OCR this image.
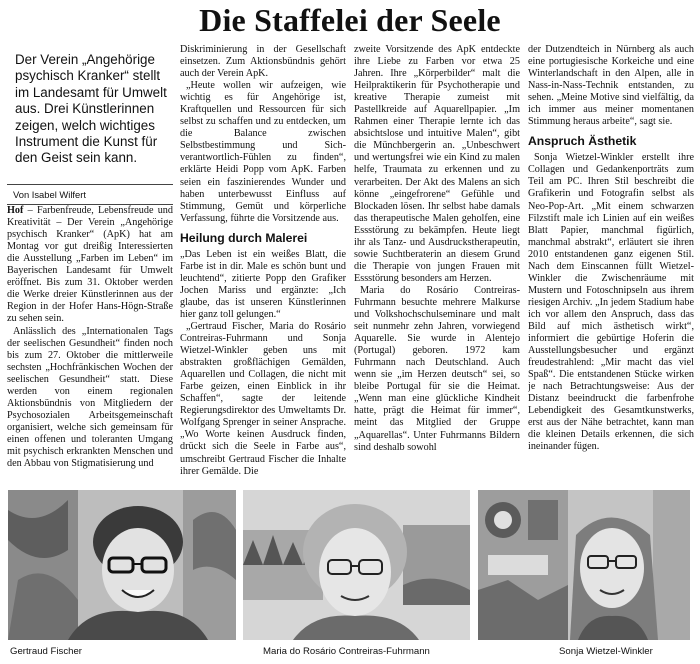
Die Staffelei der Seele

Der Verein „Angehörige psychisch Kranker“ stellt im Landesamt für Umwelt aus. Drei Künstlerinnen zeigen, welch wichtiges Instrument die Kunst für den Geist sein kann.

Von Isabel Wilfert

Hof – Farbenfreude, Lebensfreude und Kreativität – Der Verein „Angehörige psychisch Kranker“ (ApK) hat am Montag vor gut dreißig Interessierten die Ausstellung „Farben im Leben“ im Bayerischen Landesamt für Umwelt eröffnet. Bis zum 31. Oktober werden die Werke dreier Künstlerinnen aus der Region in der Hofer Hans-Högn-Straße zu sehen sein.

Anlässlich des „Internationalen Tags der seelischen Gesundheit“ finden noch bis zum 27. Oktober die mittlerweile sechsten „Hochfränkischen Wochen der seelischen Gesundheit“ statt. Diese werden von einem regionalen Aktionsbündnis von Mitgliedern der Psychosozialen Arbeitsgemeinschaft organisiert, welche sich gemeinsam für einen offenen und toleranten Umgang mit psychisch erkrankten Menschen und den Abbau von Stigmatisierung und

Diskriminierung in der Gesellschaft einsetzen. Zum Aktionsbündnis gehört auch der Verein ApK.

„Heute wollen wir aufzeigen, wie wichtig es für Angehörige ist, Kraftquellen und Ressourcen für sich selbst zu schaffen und zu entdecken, um die Balance zwischen Selbstbestimmung und Sich-verantwortlich-Fühlen zu finden“, erklärte Heidi Popp vom ApK. Farben seien ein faszinierendes Wunder und haben unterbewusst Einfluss auf Stimmung, Gemüt und körperliche Verfassung, führte die Vorsitzende aus.

Heilung durch Malerei

„Das Leben ist ein weißes Blatt, die Farbe ist in dir. Male es schön bunt und leuchtend“, zitierte Popp den Grafiker Jochen Mariss und ergänzte: „Ich glaube, das ist unseren Künstlerinnen hier ganz toll gelungen.“

„Gertraud Fischer, Maria do Rosário Contreiras-Fuhrmann und Sonja Wietzel-Winkler geben uns mit abstrakten großflächigen Gemälden, Aquarellen und Collagen, die nicht mit Farbe geizen, einen Einblick in ihr Schaffen“, sagte der leitende Regierungsdirektor des Umweltamts Dr. Wolfgang Sprenger in seiner Ansprache. „Wo Worte keinen Ausdruck finden, drückt sich die Seele in Farbe aus“, umschreibt Gertraud Fischer die Inhalte ihrer Gemälde. Die

zweite Vorsitzende des ApK entdeckte ihre Liebe zu Farben vor etwa 25 Jahren. Ihre „Körperbilder“ malt die Heilpraktikerin für Psychotherapie und kreative Therapie zumeist mit Pastellkreide auf Aquarellpapier. „Im Rahmen einer Therapie lernte ich das absichtslose und intuitive Malen“, gibt die Münchbergerin an. „Unbeschwert und wertungsfrei wie ein Kind zu malen helfe, Traumata zu erkennen und zu verarbeiten. Der Akt des Malens an sich könne „eingefrorene“ Gefühle und Blockaden lösen. Ihr selbst habe damals das therapeutische Malen geholfen, eine Essstörung zu bekämpfen. Heute liegt ihr als Tanz- und Ausdruckstherapeutin, sowie Suchtberaterin an diesem Grund die Therapie von jungen Frauen mit Essstörung besonders am Herzen.

Maria do Rosário Contreiras-Fuhrmann besuchte mehrere Malkurse und Volkshochschulseminare und malt seit nunmehr zehn Jahren, vorwiegend Aquarelle. Sie wurde in Alentejo (Portugal) geboren. 1972 kam Fuhrmann nach Deutschland. Auch wenn sie „im Herzen deutsch“ sei, so bleibe Portugal für sie die Heimat. „Wenn man eine glückliche Kindheit hatte, prägt die Heimat für immer“, meint das Mitglied der Gruppe „Aquarellas“. Unter Fuhrmanns Bildern sind deshalb sowohl

der Dutzendteich in Nürnberg als auch eine portugiesische Korkeiche und eine Winterlandschaft in den Alpen, alle in Nass-in-Nass-Technik entstanden, zu sehen. „Meine Motive sind vielfältig, da ich immer aus meiner momentanen Stimmung heraus arbeite“, sagt sie.

Anspruch Ästhetik

Sonja Wietzel-Winkler erstellt ihre Collagen und Gedankenporträts zum Teil am PC. Ihren Stil beschreibt die Grafikerin und Fotografin selbst als Neo-Pop-Art. „Mit einem schwarzen Filzstift male ich Linien auf ein weißes Blatt Papier, manchmal figürlich, manchmal abstrakt“, erläutert sie ihren 2010 entstandenen ganz eigenen Stil. Nach dem Einscannen füllt Wietzel-Winkler die Zwischenräume mit Mustern und Fotoschnipseln aus ihrem riesigen Archiv. „In jedem Stadium habe ich vor allem den Anspruch, dass das Bild auf mich ästhetisch wirkt“, informiert die gebürtige Hoferin die Ausstellungsbesucher und ergänzt freudestrahlend: „Mir macht das viel Spaß“. Die entstandenen Stücke wirken je nach Betrachtungsweise: Aus der Distanz beeindruckt die farbenfrohe Lebendigkeit des Gesamtkunstwerks, erst aus der Nähe betrachtet, kann man die kleinen Details erkennen, die sich ineinander fügen.

Gertraud Fischer	Maria do Rosário Contreiras-Fuhrmann	Sonja Wietzel-Winkler
